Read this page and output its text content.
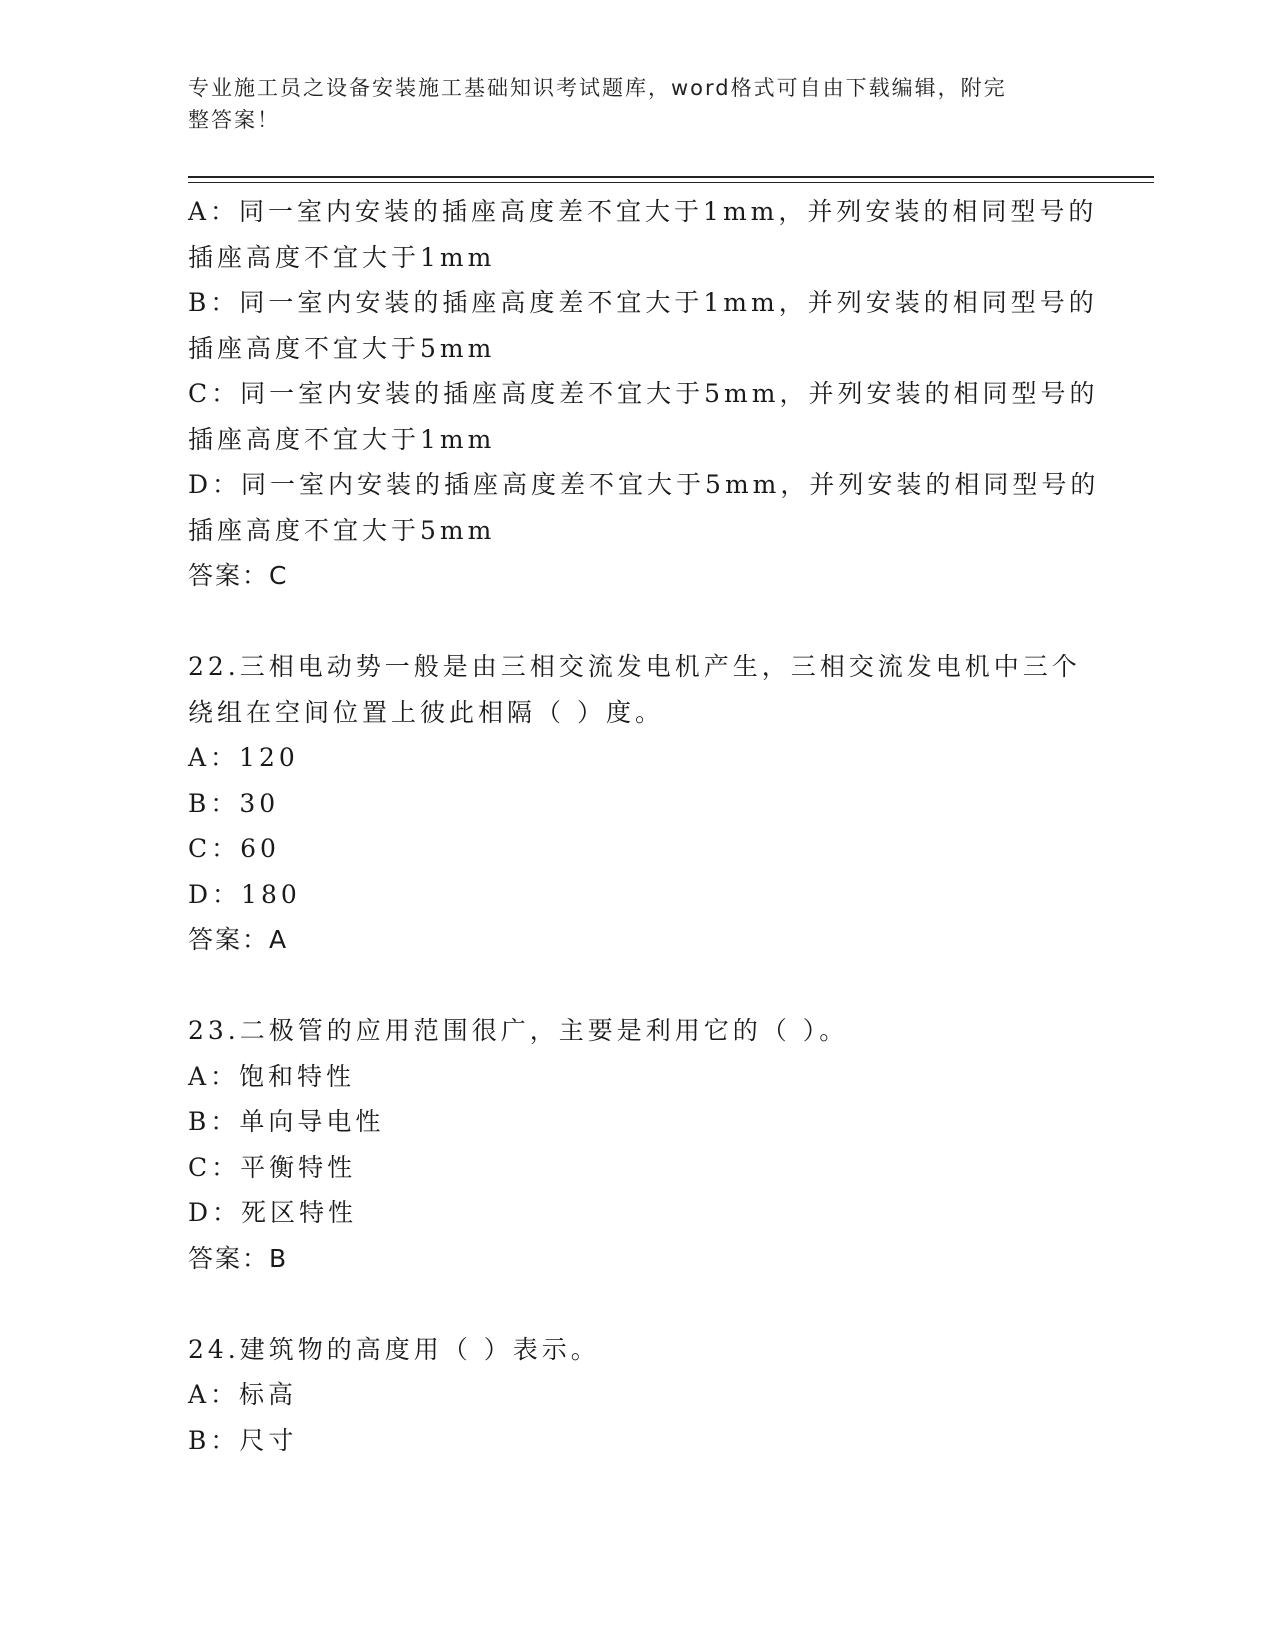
专业施工员之设备安装施工基础知识考试题库，word格式可自由下载编辑，附完
整答案！
A：同一室内安装的插座高度差不宜大于1mm，并列安装的相同型号的
插座高度不宜大于1mm
B：同一室内安装的插座高度差不宜大于1mm，并列安装的相同型号的
插座高度不宜大于5mm
C：同一室内安装的插座高度差不宜大于5mm，并列安装的相同型号的
插座高度不宜大于1mm
D：同一室内安装的插座高度差不宜大于5mm，并列安装的相同型号的
插座高度不宜大于5mm
答案：C
22.三相电动势一般是由三相交流发电机产生，三相交流发电机中三个
绕组在空间位置上彼此相隔（ ）度。
A：120
B：30
C：60
D：180
答案：A
23.二极管的应用范围很广，主要是利用它的（ ）。
A：饱和特性
B：单向导电性
C：平衡特性
D：死区特性
答案：B
24.建筑物的高度用（ ）表示。
A：标高
B：尺寸
